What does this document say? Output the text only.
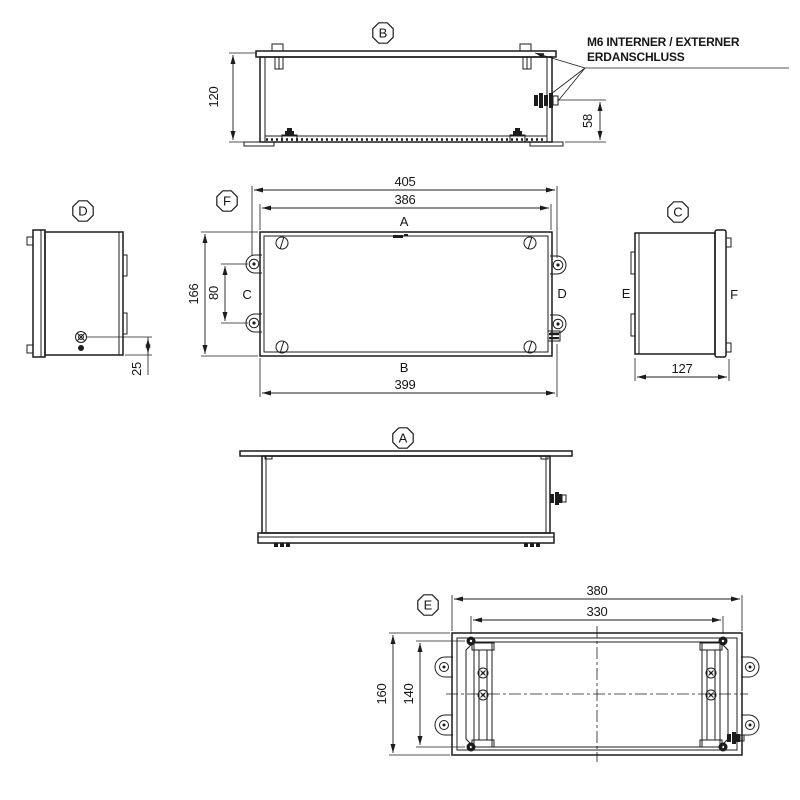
B
120
58
M6 INTERNER / EXTERNER
ERDANSCHLUSS
F
405
386
A
166 80 C	D
B
399
D
25
C
E	F
127
A
E
380
330
160 140
